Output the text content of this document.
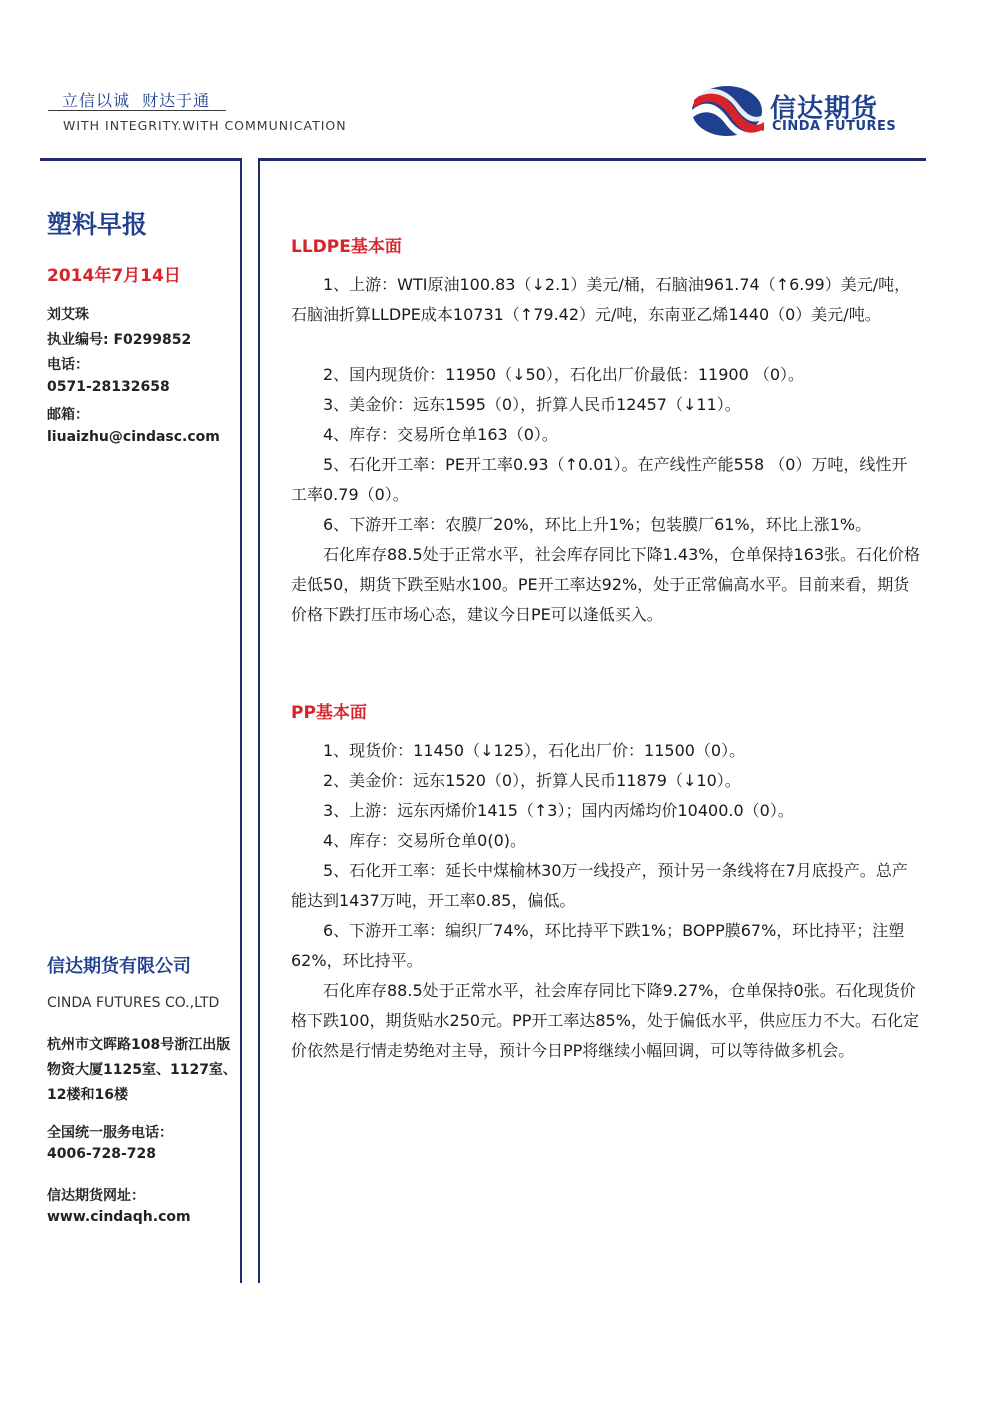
立信以诚  财达于通
WITH INTEGRITY.WITH COMMUNICATION
信达期货
CINDA FUTURES
塑料早报
2014年7月14日
刘艾珠
执业编号: F0299852
电话：
0571-28132658
邮箱：
liuaizhu@cindasc.com
信达期货有限公司
CINDA FUTURES CO.,LTD
杭州市文晖路108号浙江出版
物资大厦1125室、1127室、
12楼和16楼
全国统一服务电话：
4006-728-728
信达期货网址：
www.cindaqh.com
LLDPE基本面

1、上游：WTI原油100.83（↓2.1）美元/桶，石脑油961.74（↑6.99）美元/吨，石脑油折算LLDPE成本10731（↑79.42）元/吨，东南亚乙烯1440（0）美元/吨。

2、国内现货价：11950（↓50），石化出厂价最低：11900 （0）。

3、美金价：远东1595（0），折算人民币12457（↓11）。

4、库存：交易所仓单163（0）。

5、石化开工率：PE开工率0.93（↑0.01）。在产线性产能558 （0）万吨，线性开工率0.79（0）。

6、下游开工率：农膜厂20%，环比上升1%；包装膜厂61%，环比上涨1%。

石化库存88.5处于正常水平，社会库存同比下降1.43%，仓单保持163张。石化价格走低50，期货下跌至贴水100。PE开工率达92%，处于正常偏高水平。目前来看，期货价格下跌打压市场心态，建议今日PE可以逢低买入。

PP基本面

1、现货价：11450（↓125），石化出厂价：11500（0）。

2、美金价：远东1520（0），折算人民币11879（↓10）。

3、上游：远东丙烯价1415（↑3）；国内丙烯均价10400.0（0）。

4、库存：交易所仓单0(0)。

5、石化开工率：延长中煤榆林30万一线投产，预计另一条线将在7月底投产。总产能达到1437万吨，开工率0.85，偏低。

6、下游开工率：编织厂74%，环比持平下跌1%；BOPP膜67%，环比持平；注塑62%，环比持平。

石化库存88.5处于正常水平，社会库存同比下降9.27%，仓单保持0张。石化现货价格下跌100，期货贴水250元。PP开工率达85%，处于偏低水平，供应压力不大。石化定价依然是行情走势绝对主导，预计今日PP将继续小幅回调，可以等待做多机会。
